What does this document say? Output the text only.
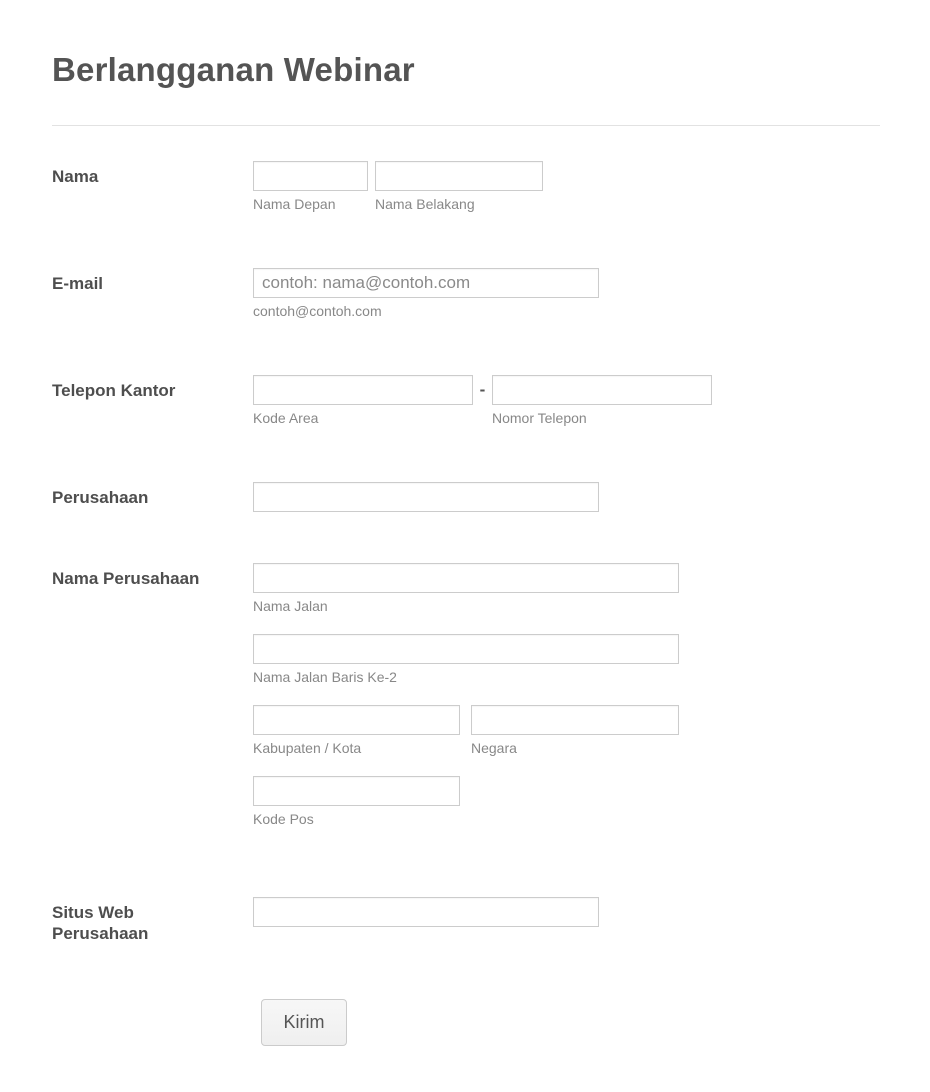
Berlangganan Webinar
Nama
Nama Depan	Nama Belakang
E-mail
contoh: nama@contoh.com
contoh@contoh.com
Telepon Kantor
Kode Area
-
Nomor Telepon
Perusahaan
Nama Perusahaan
Nama Jalan
Nama Jalan Baris Ke-2
Kabupaten / Kota	Negara
Kode Pos
Situs Web Perusahaan
Kirim
